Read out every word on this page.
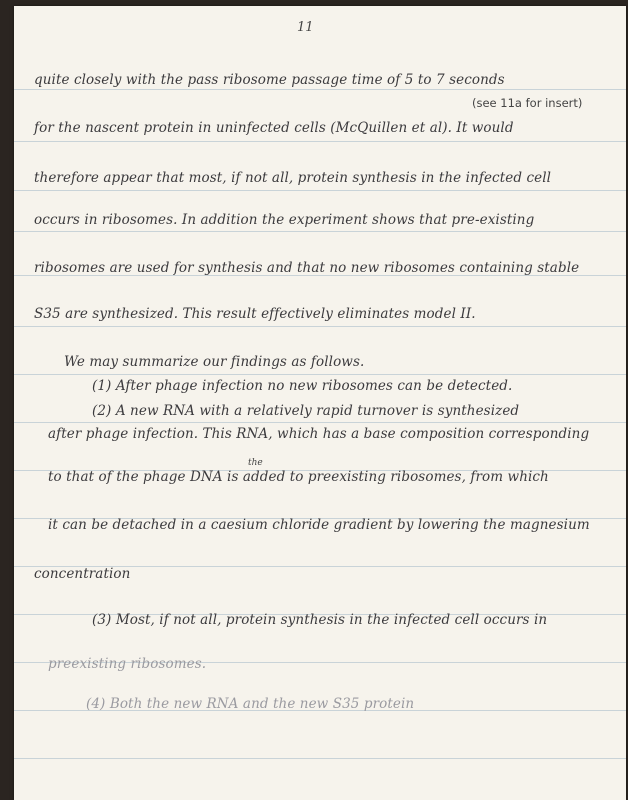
11
(see 11a for insert)
the
quite closely with the pass ribosome passage time of 5 to 7 seconds
for the nascent protein in uninfected cells (McQuillen et al). It would
therefore appear that most, if not all, protein synthesis in the infected cell
occurs in ribosomes. In addition the experiment shows that pre-existing
ribosomes are used for synthesis and that no new ribosomes containing stable
S35 are synthesized. This result effectively eliminates model II.
We may summarize our findings as follows.
(1) After phage infection no new ribosomes can be detected.
(2) A new RNA with a relatively rapid turnover is synthesized
after phage infection. This RNA, which has a base composition corresponding
to that of the phage DNA is added to preexisting ribosomes, from which
it can be detached in a caesium chloride gradient by lowering the magnesium
concentration
(3) Most, if not all, protein synthesis in the infected cell occurs in
preexisting ribosomes.
(4) Both the new RNA and the new S35 protein
